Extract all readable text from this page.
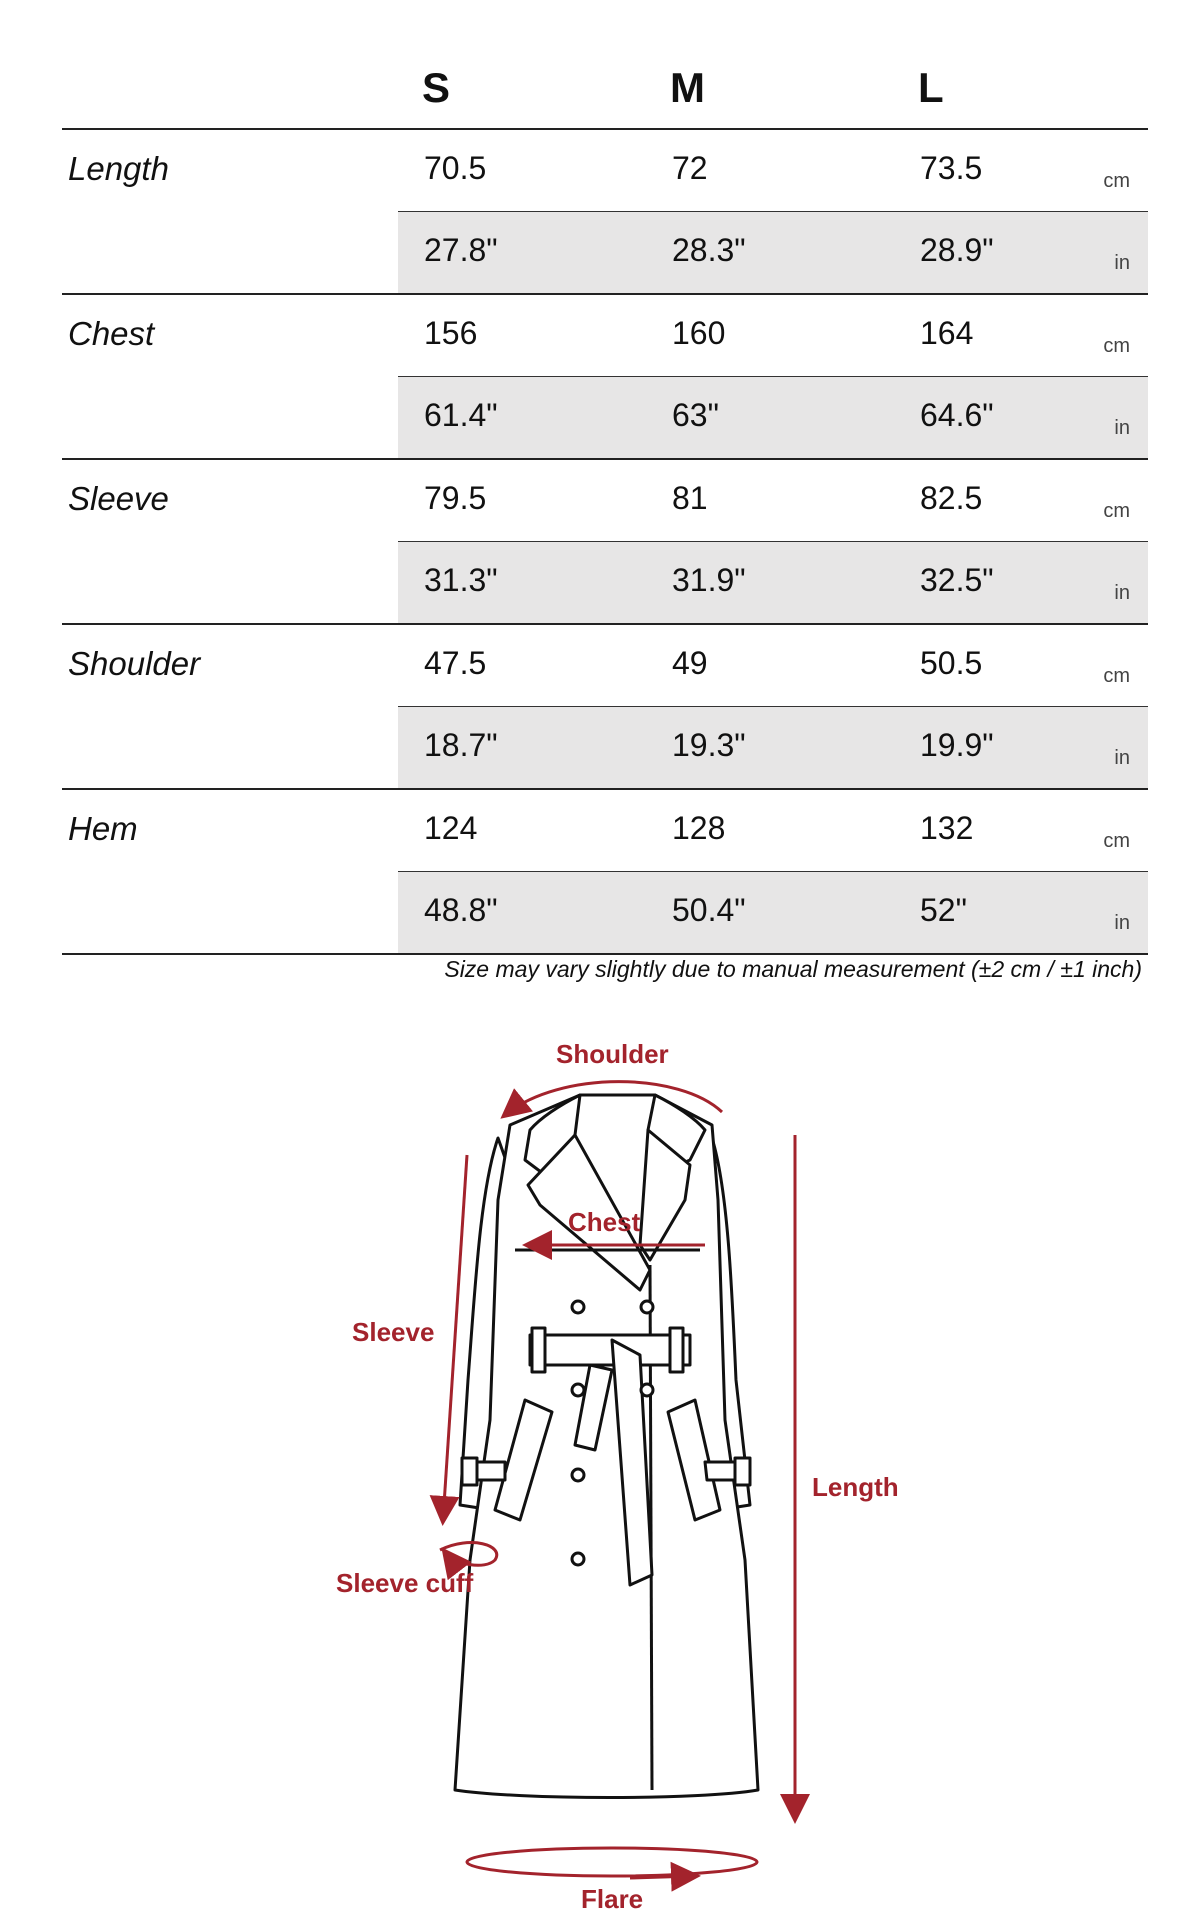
S	M	L
Length	70.5	72	73.5	cm
27.8"	28.3"	28.9"	in
Chest	156	160	164	cm
61.4"	63"	64.6"	in
Sleeve	79.5	81	82.5	cm
31.3"	31.9"	32.5"	in
Shoulder	47.5	49	50.5	cm
18.7"	19.3"	19.9"	in
Hem	124	128	132	cm
48.8"	50.4"	52"	in
Size may vary slightly due to manual measurement (±2 cm / ±1 inch)
Shoulder
Chest
Sleeve
Sleeve cuff
Length
Flare
